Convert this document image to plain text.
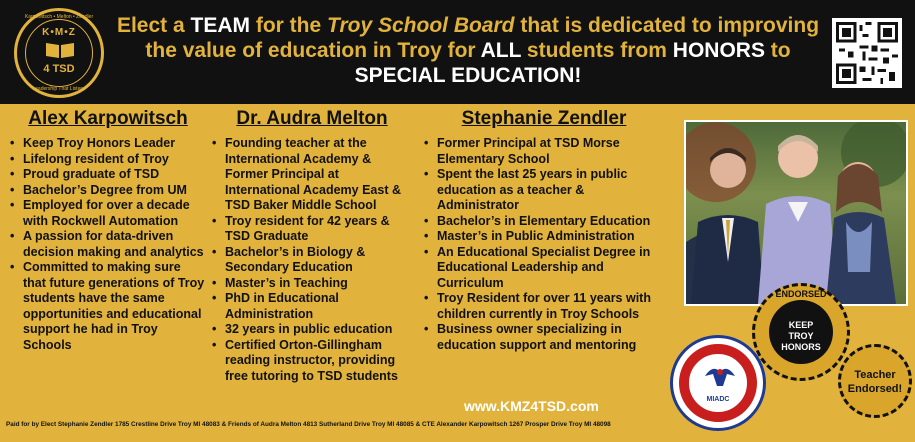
Karpowitsch • Melton • Zendler
K•M•Z
4 TSD
Leadership That Listens
Elect a TEAM for the Troy School Board that is dedicated to improving the value of education in Troy for ALL students from HONORS to SPECIAL EDUCATION!
Alex Karpowitsch
• Keep Troy Honors Leader
• Lifelong resident of Troy
• Proud graduate of TSD
• Bachelor’s Degree from UM
• Employed for over a decade with Rockwell Automation
• A passion for data-driven decision making and analytics
• Committed to making sure that future generations of Troy students have the same opportunities and educational support he had in Troy Schools
Dr. Audra Melton
• Founding teacher at the International Academy & Former Principal at International Academy East & TSD Baker Middle School
• Troy resident for 42 years & TSD Graduate
• Bachelor’s in Biology & Secondary Education
• Master’s in Teaching
• PhD in Educational Administration
• 32 years in public education
• Certified Orton-Gillingham reading instructor, providing free tutoring to TSD students
Stephanie Zendler
• Former Principal at TSD Morse Elementary School
• Spent the last 25 years in public education as a teacher & Administrator
• Bachelor’s in Elementary Education
• Master’s in Public Administration
• An Educational Specialist Degree in Educational Leadership and Curriculum
• Troy Resident for over 11 years with children currently in Troy Schools
• Business owner specializing in education support and mentoring
MIADC
ENDORSED
KEEP
TROY
HONORS
Teacher
Endorsed!
www.KMZ4TSD.com
Paid for by Elect Stephanie Zendler 1785 Crestline Drive Troy MI 48083 & Friends of Audra Melton 4813 Sutherland Drive Troy MI 48085 & CTE Alexander Karpowitsch 1267 Prosper Drive Troy MI 48098
